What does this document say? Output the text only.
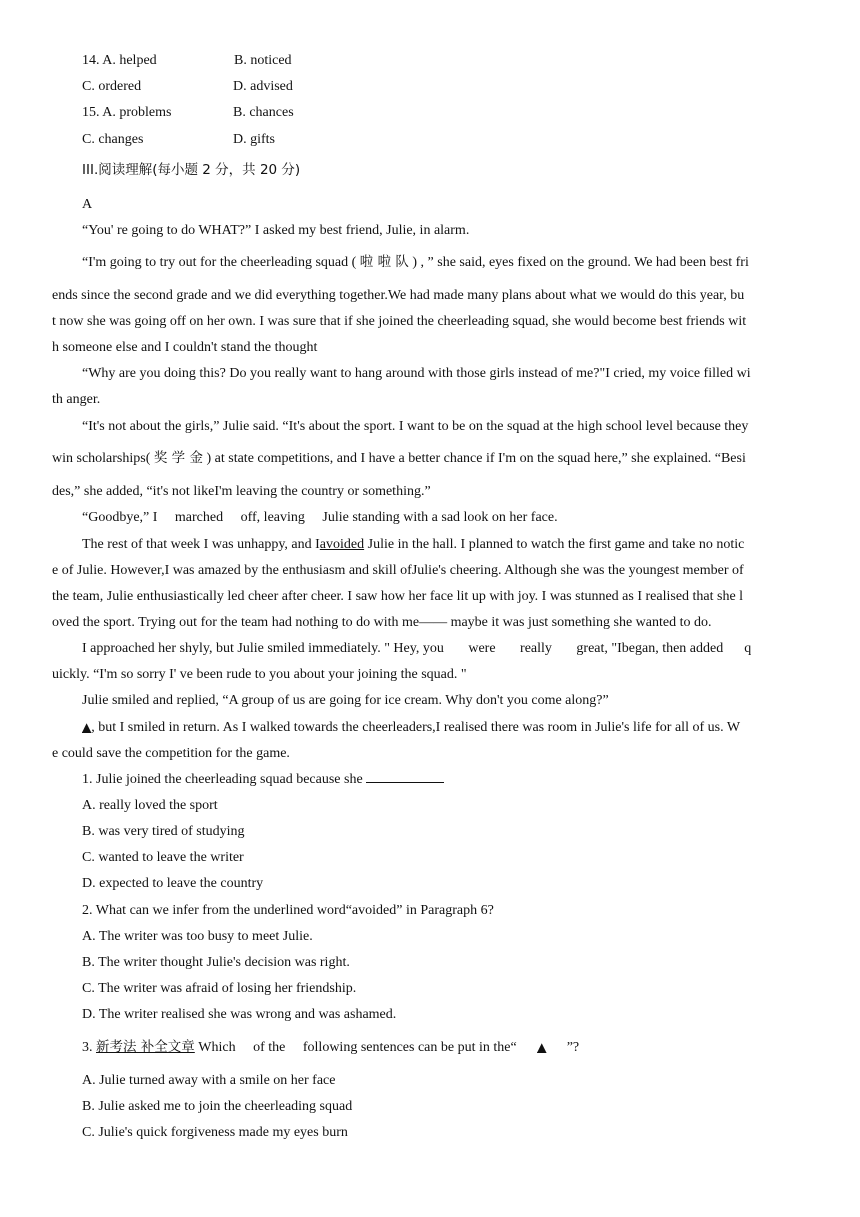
14. A. helped	B. noticed
C. ordered	D. advised
15. A. problems	B. chances
C. changes	D. gifts
III.阅读理解(每小题 2 分，共 20 分)
A
“You' re going to do WHAT?” I asked my best friend, Julie, in alarm.
“I'm going to try out for the cheerleading squad ( 啦 啦 队 ) , ” she said, eyes fixed on the ground. We had been best fri
ends since the second grade and we did everything together.We had made many plans about what we would do this year, bu
t now she was going off on her own. I was sure that if she joined the cheerleading squad, she would become best friends wit
h someone else and I couldn't stand the thought
“Why are you doing this? Do you really want to hang around with those girls instead of me?"I cried, my voice filled wi
th anger.
“It's not about the girls,” Julie said. “It's about the sport. I want to be on the squad at the high school level because they
win scholarships( 奖 学 金 ) at state competitions, and I have a better chance if I'm on the squad here,” she explained. “Besi
des,” she added, “it's not likeI'm leaving the country or something.”
“Goodbye,” I     marched     off, leaving     Julie standing with a sad look on her face.
The rest of that week I was unhappy, and Iavoided Julie in the hall. I planned to watch the first game and take no notic
e of Julie. However,I was amazed by the enthusiasm and skill ofJulie's cheering. Although she was the youngest member of
the team, Julie enthusiastically led cheer after cheer. I saw how her face lit up with joy. I was stunned as I realised that she l
oved the sport. Trying out for the team had nothing to do with me—— maybe it was just something she wanted to do.
I approached her shyly, but Julie smiled immediately. " Hey, you       were       really       great, "Ibegan, then added      q
uickly. “I'm so sorry I' ve been rude to you about your joining the squad. "
Julie smiled and replied, “A group of us are going for ice cream. Why don't you come along?”
▲, but I smiled in return. As I walked towards the cheerleaders,I realised there was room in Julie's life for all of us. W
e could save the competition for the game.
1. Julie joined the cheerleading squad because she
A. really loved the sport
B. was very tired of studying
C. wanted to leave the writer
D. expected to leave the country
2. What can we infer from the underlined word“avoided” in Paragraph 6?
A. The writer was too busy to meet Julie.
B. The writer thought Julie's decision was right.
C. The writer was afraid of losing her friendship.
D. The writer realised she was wrong and was ashamed.
3. 新考法 补全文章 Which     of the     following sentences can be put in the“ ▲ ”?
A. Julie turned away with a smile on her face
B. Julie asked me to join the cheerleading squad
C. Julie's quick forgiveness made my eyes burn
